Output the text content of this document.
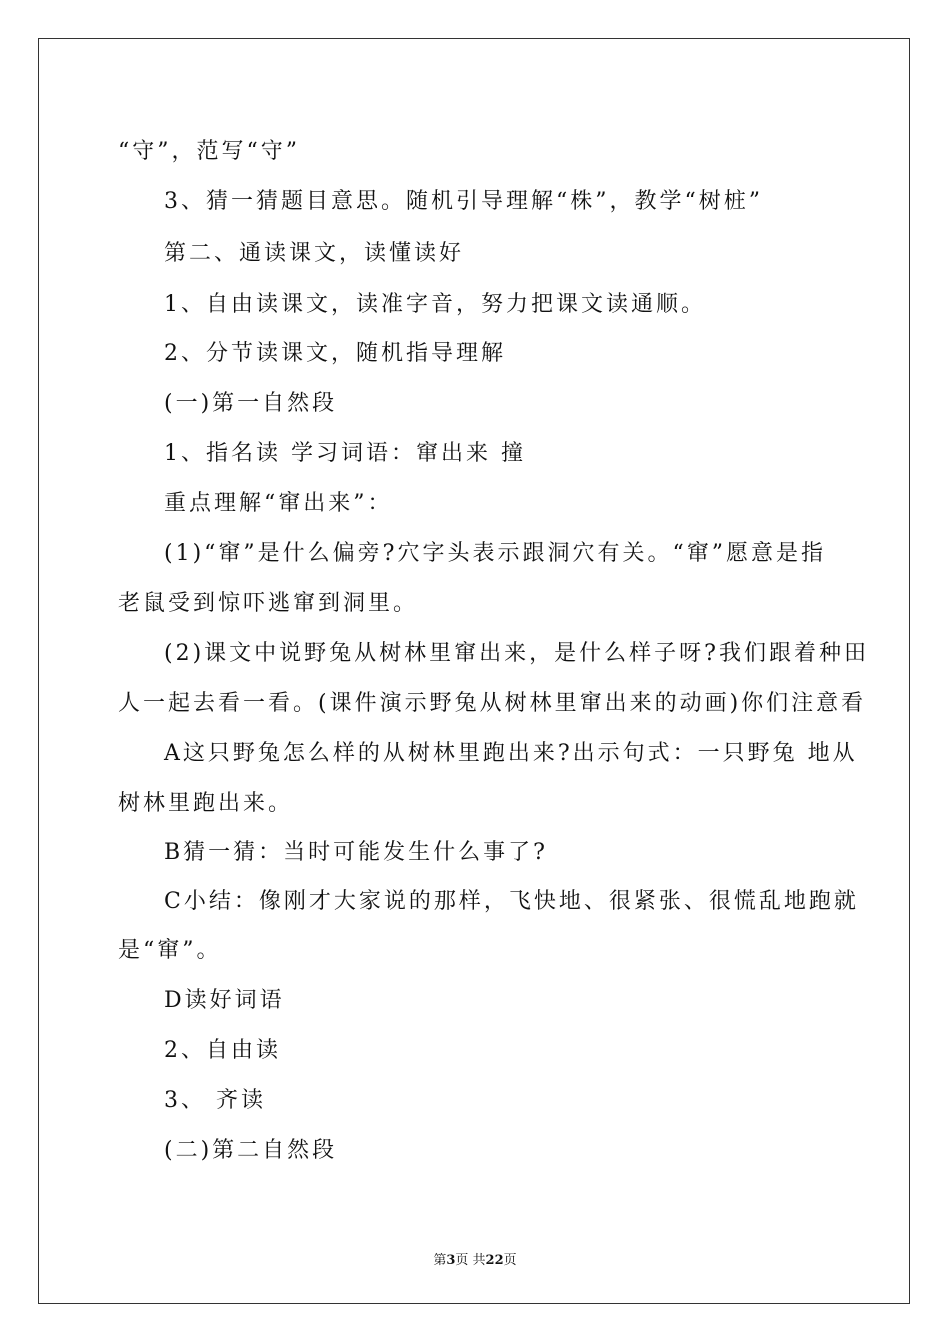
“守”，范写“守”
3、猜一猜题目意思。随机引导理解“株”，教学“树桩”
第二、通读课文，读懂读好
1、自由读课文，读准字音，努力把课文读通顺。
2、分节读课文，随机指导理解
(一)第一自然段
1、指名读 学习词语：窜出来 撞
重点理解“窜出来”：
(1)“窜”是什么偏旁?穴字头表示跟洞穴有关。“窜”愿意是指
老鼠受到惊吓逃窜到洞里。
(2)课文中说野兔从树林里窜出来，是什么样子呀?我们跟着种田
人一起去看一看。(课件演示野兔从树林里窜出来的动画)你们注意看
A这只野兔怎么样的从树林里跑出来?出示句式：一只野兔 地从
树林里跑出来。
B猜一猜：当时可能发生什么事了?
C小结：像刚才大家说的那样，飞快地、很紧张、很慌乱地跑就
是“窜”。
D读好词语
2、自由读
3、 齐读
(二)第二自然段
第3页 共22页
